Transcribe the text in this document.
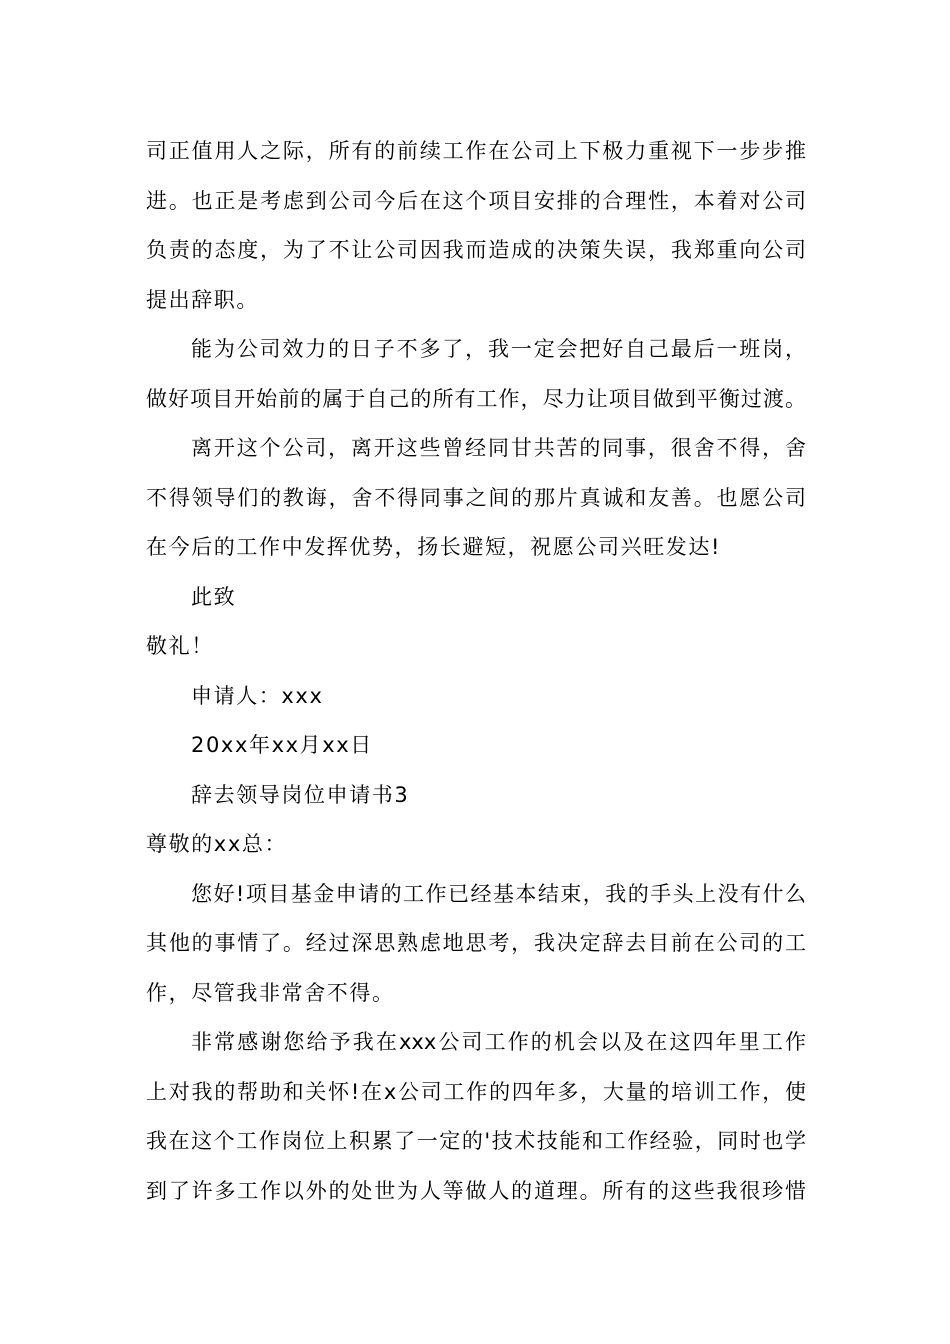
司正值用人之际，所有的前续工作在公司上下极力重视下一步步推
进。也正是考虑到公司今后在这个项目安排的合理性，本着对公司
负责的态度，为了不让公司因我而造成的决策失误，我郑重向公司
提出辞职。
能为公司效力的日子不多了，我一定会把好自己最后一班岗，
做好项目开始前的属于自己的所有工作，尽力让项目做到平衡过渡。
离开这个公司，离开这些曾经同甘共苦的同事，很舍不得，舍
不得领导们的教诲，舍不得同事之间的那片真诚和友善。也愿公司
在今后的工作中发挥优势，扬长避短，祝愿公司兴旺发达!
此致
敬礼！
申请人：xxx
20xx年xx月xx日
辞去领导岗位申请书3
尊敬的xx总：
您好!项目基金申请的工作已经基本结束，我的手头上没有什么
其他的事情了。经过深思熟虑地思考，我决定辞去目前在公司的工
作，尽管我非常舍不得。
非常感谢您给予我在xxx公司工作的机会以及在这四年里工作
上对我的帮助和关怀!在x公司工作的四年多，大量的培训工作，使
我在这个工作岗位上积累了一定的'技术技能和工作经验，同时也学
到了许多工作以外的处世为人等做人的道理。所有的这些我很珍惜
